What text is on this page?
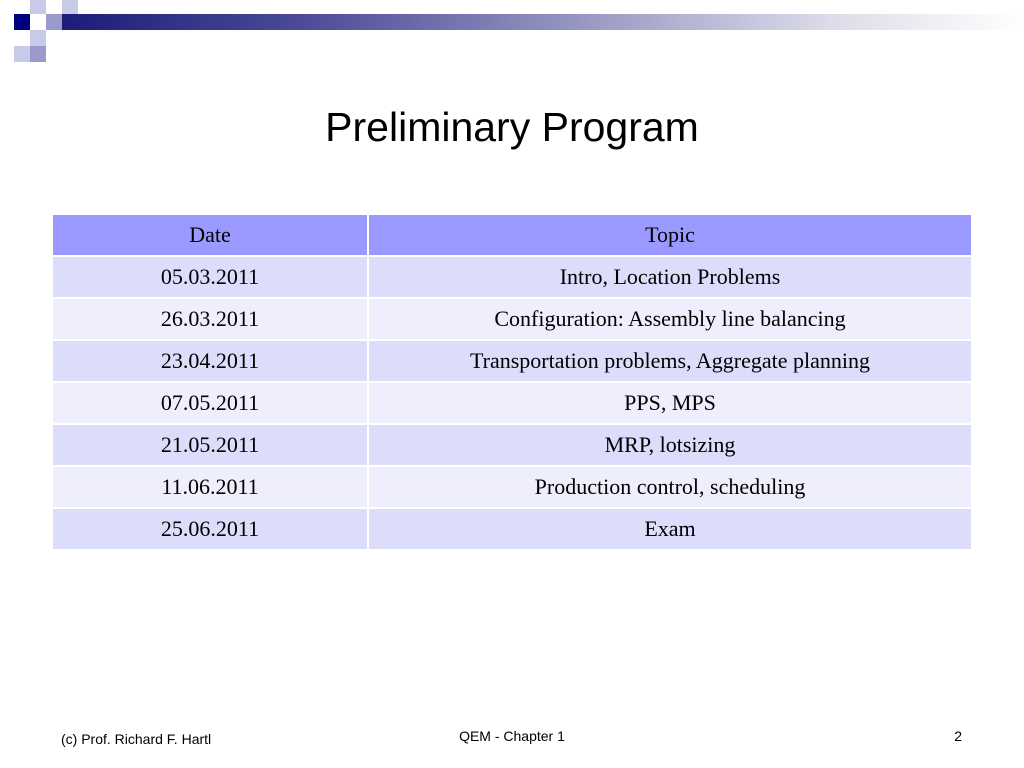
Preliminary Program
Date	Topic
05.03.2011	Intro, Location Problems
26.03.2011	Configuration: Assembly line balancing
23.04.2011	Transportation problems, Aggregate planning
07.05.2011	PPS, MPS
21.05.2011	MRP, lotsizing
11.06.2011	Production control, scheduling
25.06.2011	Exam
(c) Prof. Richard F. Hartl	QEM - Chapter 1	2
